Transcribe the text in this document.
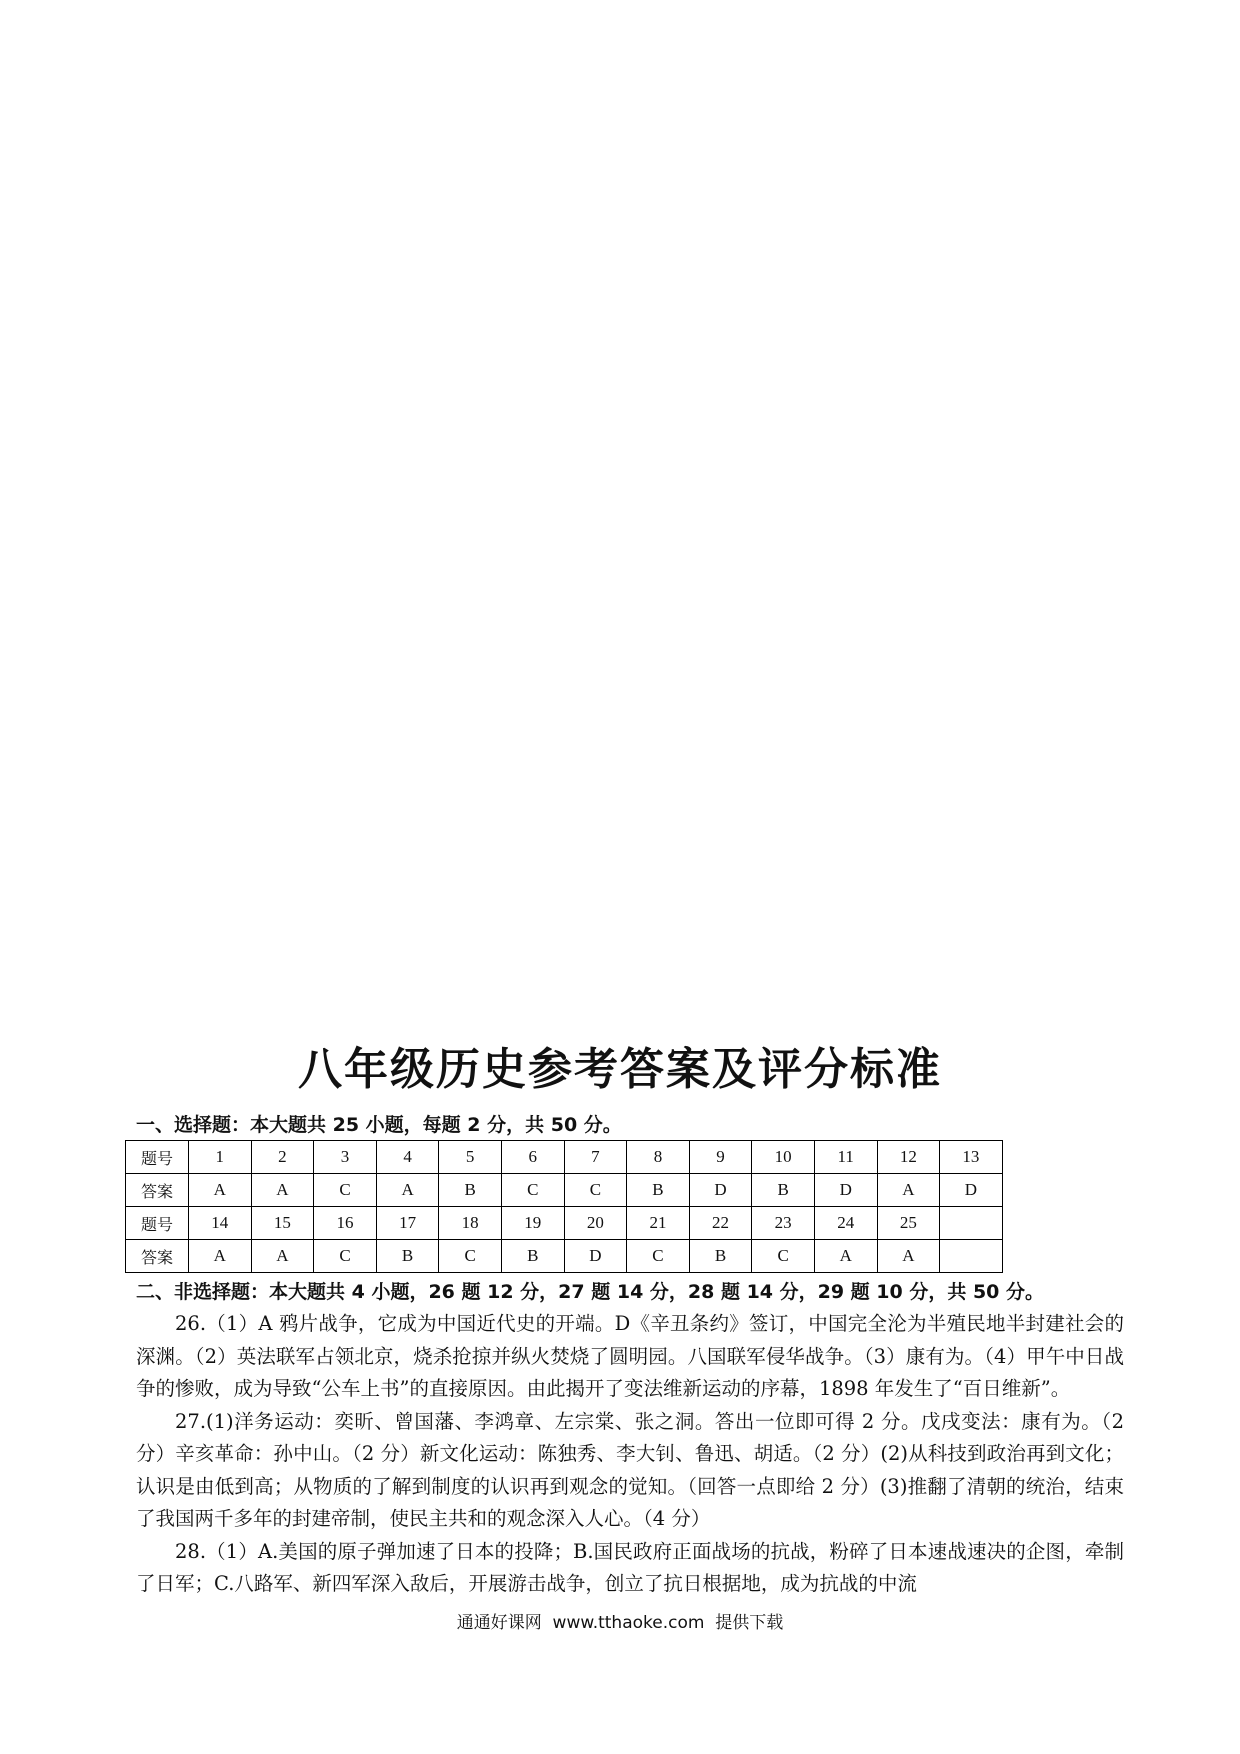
八年级历史参考答案及评分标准
一、选择题：本大题共 25 小题，每题 2 分，共 50 分。
题号	1	2	3	4	5	6	7	8	9	10	11	12	13
答案	A	A	C	A	B	C	C	B	D	B	D	A	D
题号	14	15	16	17	18	19	20	21	22	23	24	25	
答案	A	A	C	B	C	B	D	C	B	C	A	A	
二、非选择题：本大题共 4 小题，26 题 12 分，27 题 14 分，28 题 14 分，29 题 10 分，共 50 分。

26.（1）A 鸦片战争，它成为中国近代史的开端。D《辛丑条约》签订，中国完全沦为半殖民地半封建社会的深渊。（2）英法联军占领北京，烧杀抢掠并纵火焚烧了圆明园。八国联军侵华战争。（3）康有为。（4）甲午中日战争的惨败，成为导致“公车上书”的直接原因。由此揭开了变法维新运动的序幕，1898 年发生了“百日维新”。

27.(1)洋务运动：奕昕、曾国藩、李鸿章、左宗棠、张之洞。答出一位即可得 2 分。戊戌变法：康有为。（2 分）辛亥革命：孙中山。（2 分）新文化运动：陈独秀、李大钊、鲁迅、胡适。（2 分）(2)从科技到政治再到文化；认识是由低到高；从物质的了解到制度的认识再到观念的觉知。（回答一点即给 2 分）(3)推翻了清朝的统治，结束了我国两千多年的封建帝制，使民主共和的观念深入人心。（4 分）

28.（1）A.美国的原子弹加速了日本的投降；B.国民政府正面战场的抗战，粉碎了日本速战速决的企图，牵制了日军；C.八路军、新四军深入敌后，开展游击战争，创立了抗日根据地，成为抗战的中流

通通好课网  www.tthaoke.com  提供下载
